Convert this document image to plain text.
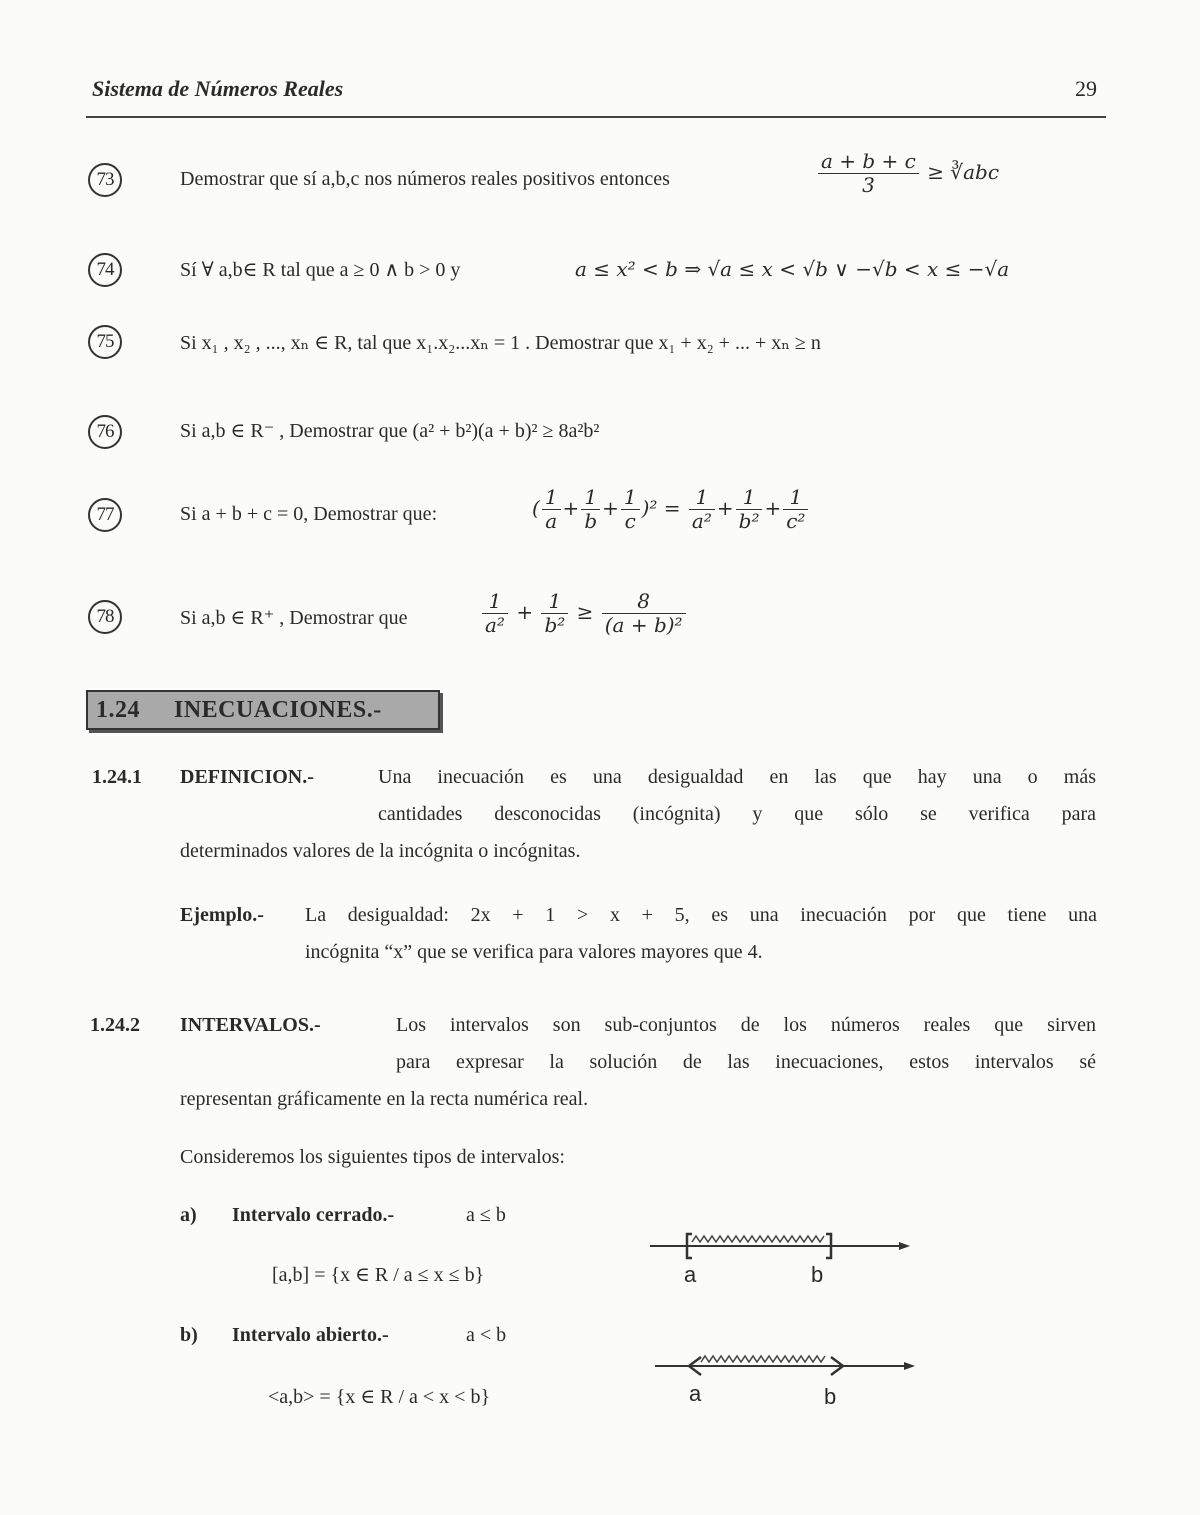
Sistema de Números Reales	29
73	Demostrar que sí a,b,c nos números reales positivos entonces	$\frac{a + b + c}{3}$ ≥ ∛abc
74	Sí ∀ a,b∈ R tal que a ≥ 0 ∧ b > 0 y	a ≤ x² < b ⇒ √a ≤ x < √b ∨ −√b < x ≤ −√a
75	Si x₁ , x₂ , ..., xₙ ∈ R, tal que x₁.x₂...xₙ = 1 . Demostrar que x₁ + x₂ + ... + xₙ ≥ n
76	Si a,b ∈ R⁻ , Demostrar que (a² + b²)(a + b)² ≥ 8a²b²
77	Si a + b + c = 0, Demostrar que:	( $\frac{1}{a} + \frac{1}{b} + \frac{1}{c} )^2 = \frac{1}{\text{a²}} + \frac{1}{\text{b²}} + \frac{1}{\text{c²}}$
78	Si a,b ∈ R⁺ , Demostrar que	$\frac{1}{\text{a²}} + \frac{1}{\text{b²}} \ge \frac{8}{\text{(a + b)²}}$
1.24 INECUACIONES.-
1.24.1 DEFINICION.-	Una inecuación es una desigualdad en las que hay una o más
cantidades desconocidas (incógnita) y que sólo se verifica para
determinados valores de la incógnita o incógnitas.
Ejemplo.- La desigualdad: 2x + 1 > x + 5, es una inecuación por que tiene una
incógnita “x” que se verifica para valores mayores que 4.
1.24.2 INTERVALOS.-	Los intervalos son sub-conjuntos de los números reales que sirven
para expresar la solución de las inecuaciones, estos intervalos sé
representan gráficamente en la recta numérica real.
Consideremos los siguientes tipos de intervalos:
a) Intervalo cerrado.-	a ≤ b
[a,b] = {x ∈ R / a ≤ x ≤ b}	a	b
b) Intervalo abierto.-	a < b
<a,b> = {x ∈ R / a < x < b}	a	b
